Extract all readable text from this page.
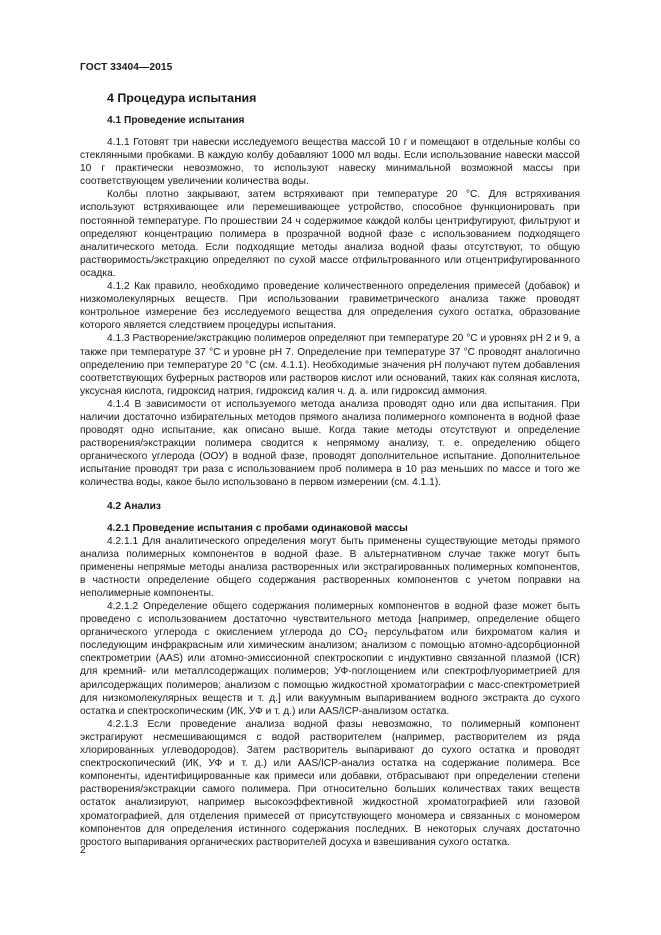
ГОСТ 33404—2015
4 Процедура испытания
4.1 Проведение испытания

4.1.1 Готовят три навески исследуемого вещества массой 10 г и помещают в отдельные колбы со стеклянными пробками. В каждую колбу добавляют 1000 мл воды. Если использование навески массой 10 г практически невозможно, то используют навеску минимальной возможной массы при соответствующем увеличении количества воды.

Колбы плотно закрывают, затем встряхивают при температуре 20 °С. Для встряхивания используют встряхивающее или перемешивающее устройство, способное функционировать при постоянной температуре. По прошествии 24 ч содержимое каждой колбы центрифугируют, фильтруют и определяют концентрацию полимера в прозрачной водной фазе с использованием подходящего аналитического метода. Если подходящие методы анализа водной фазы отсутствуют, то общую растворимость/экстракцию определяют по сухой массе отфильтрованного или отцентрифугированного осадка.

4.1.2 Как правило, необходимо проведение количественного определения примесей (добавок) и низкомолекулярных веществ. При использовании гравиметрического анализа также проводят контрольное измерение без исследуемого вещества для определения сухого остатка, образование которого является следствием процедуры испытания.

4.1.3 Растворение/экстракцию полимеров определяют при температуре 20 °С и уровнях рН 2 и 9, а также при температуре 37 °С и уровне рН 7. Определение при температуре 37 °С проводят аналогично определению при температуре 20 °С (см. 4.1.1). Необходимые значения рН получают путем добавления соответствующих буферных растворов или растворов кислот или оснований, таких как соляная кислота, уксусная кислота, гидроксид натрия, гидроксид калия ч. д. а. или гидроксид аммония.

4.1.4 В зависимости от используемого метода анализа проводят одно или два испытания. При наличии достаточно избирательных методов прямого анализа полимерного компонента в водной фазе проводят одно испытание, как описано выше. Когда такие методы отсутствуют и определение растворения/экстракции полимера сводится к непрямому анализу, т. е. определению общего органического углерода (ООУ) в водной фазе, проводят дополнительное испытание. Дополнительное испытание проводят три раза с использованием проб полимера в 10 раз меньших по массе и того же количества воды, какое было использовано в первом измерении (см. 4.1.1).

4.2 Анализ
4.2.1 Проведение испытания с пробами одинаковой массы

4.2.1.1 Для аналитического определения могут быть применены существующие методы прямого анализа полимерных компонентов в водной фазе. В альтернативном случае также могут быть применены непрямые методы анализа растворенных или экстрагированных полимерных компонентов, в частности определение общего содержания растворенных компонентов с учетом поправки на неполимерные компоненты.

4.2.1.2 Определение общего содержания полимерных компонентов в водной фазе может быть проведено с использованием достаточно чувствительного метода [например, определение общего органического углерода с окислением углерода до $CO_2$ персульфатом или бихроматом калия и последующим инфракрасным или химическим анализом; анализом с помощью атомно-адсорбционной спектрометрии (AAS) или атомно-эмиссионной спектроскопии с индуктивно связанной плазмой (ICR) для кремний- или металлсодержащих полимеров; УФ-поглощением или спектрофлуориметрией для арилсодержащих полимеров; анализом с помощью жидкостной хроматографии с масс-спектрометрией для низкомолекулярных веществ и т. д.] или вакуумным выпариванием водного экстракта до сухого остатка и спектроскопическим (ИК, УФ и т. д.) или AAS/ICP-анализом остатка.

4.2.1.3 Если проведение анализа водной фазы невозможно, то полимерный компонент экстрагируют несмешивающимся с водой растворителем (например, растворителем из ряда хлорированных углеводородов). Затем растворитель выпаривают до сухого остатка и проводят спектроскопический (ИК, УФ и т. д.) или AAS/ICP-анализ остатка на содержание полимера. Все компоненты, идентифицированные как примеси или добавки, отбрасывают при определении степени растворения/экстракции самого полимера. При относительно больших количествах таких веществ остаток анализируют, например высокоэффективной жидкостной хроматографией или газовой хроматографией, для отделения примесей от присутствующего мономера и связанных с мономером компонентов для определения истинного содержания последних. В некоторых случаях достаточно простого выпаривания органических растворителей досуха и взвешивания сухого остатка.

2
